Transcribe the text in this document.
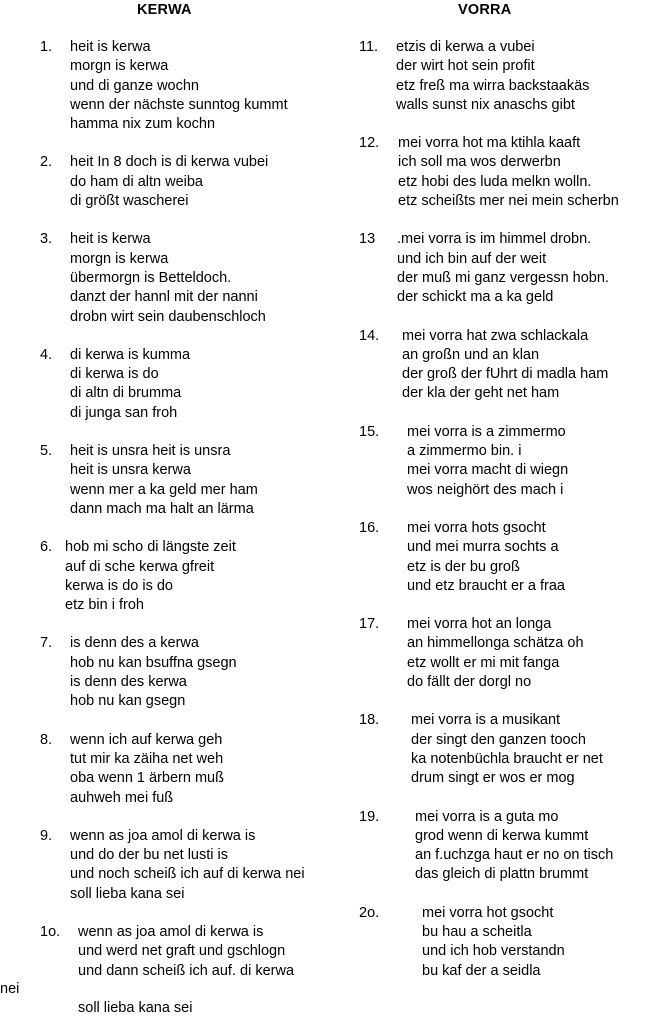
KERWA	VORRA
1. heit is kerwa
morgn is kerwa
und di ganze wochn
wenn der nächste sunntog kummt
hamma nix zum kochn
2. heit In 8 doch is di kerwa vubei
do ham di altn weiba
di größt wascherei
3. heit is kerwa
morgn is kerwa
übermorgn is Betteldoch.
danzt der hannl mit der nanni
drobn wirt sein daubenschloch
4. di kerwa is kumma
di kerwa is do
di altn di brumma
di junga san froh
5. heit is unsra heit is unsra
heit is unsra kerwa
wenn mer a ka geld mer ham
dann mach ma halt an lärma
6. hob mi scho di längste zeit
auf di sche kerwa gfreit
kerwa is do is do
etz bin i froh
7. is denn des a kerwa
hob nu kan bsuffna gsegn
is denn des kerwa
hob nu kan gsegn
8. wenn ich auf kerwa geh
tut mir ka zäiha net weh
oba wenn 1 ärbern muß
auhweh mei fuß
9. wenn as joa amol di kerwa is
und do der bu net lusti is
und noch scheiß ich auf di kerwa nei
soll lieba kana sei
1o. wenn as joa amol di kerwa is
und werd net graft und gschlogn
und dann scheiß ich auf. di kerwa
nei
soll lieba kana sei
11. etzis di kerwa a vubei
der wirt hot sein profit
etz freß ma wirra backstaakäs
walls sunst nix anaschs gibt
12. mei vorra hot ma ktihla kaaft
ich soll ma wos derwerbn
etz hobi des luda melkn wolln.
etz scheißts mer nei mein scherbn
13 .mei vorra is im himmel drobn.
und ich bin auf der weit
der muß mi ganz vergessn hobn.
der schickt ma a ka geld
14. mei vorra hat zwa schlackala
an großn und an klan
der groß der fUhrt di madla ham
der kla der geht net ham
15. mei vorra is a zimmermo
a zimmermo bin. i
mei vorra macht di wiegn
wos neighört des mach i
16. mei vorra hots gsocht
und mei murra sochts a
etz is der bu groß
und etz braucht er a fraa
17. mei vorra hot an longa
an himmellonga schätza oh
etz wollt er mi mit fanga
do fällt der dorgl no
18. mei vorra is a musikant
der singt den ganzen tooch
ka notenbüchla braucht er net
drum singt er wos er mog
19. mei vorra is a guta mo
grod wenn di kerwa kummt
an f.uchzga haut er no on tisch
das gleich di plattn brummt
2o.	mei vorra hot gsocht
bu hau a scheitla
und ich hob verstandn
bu kaf der a seidla
